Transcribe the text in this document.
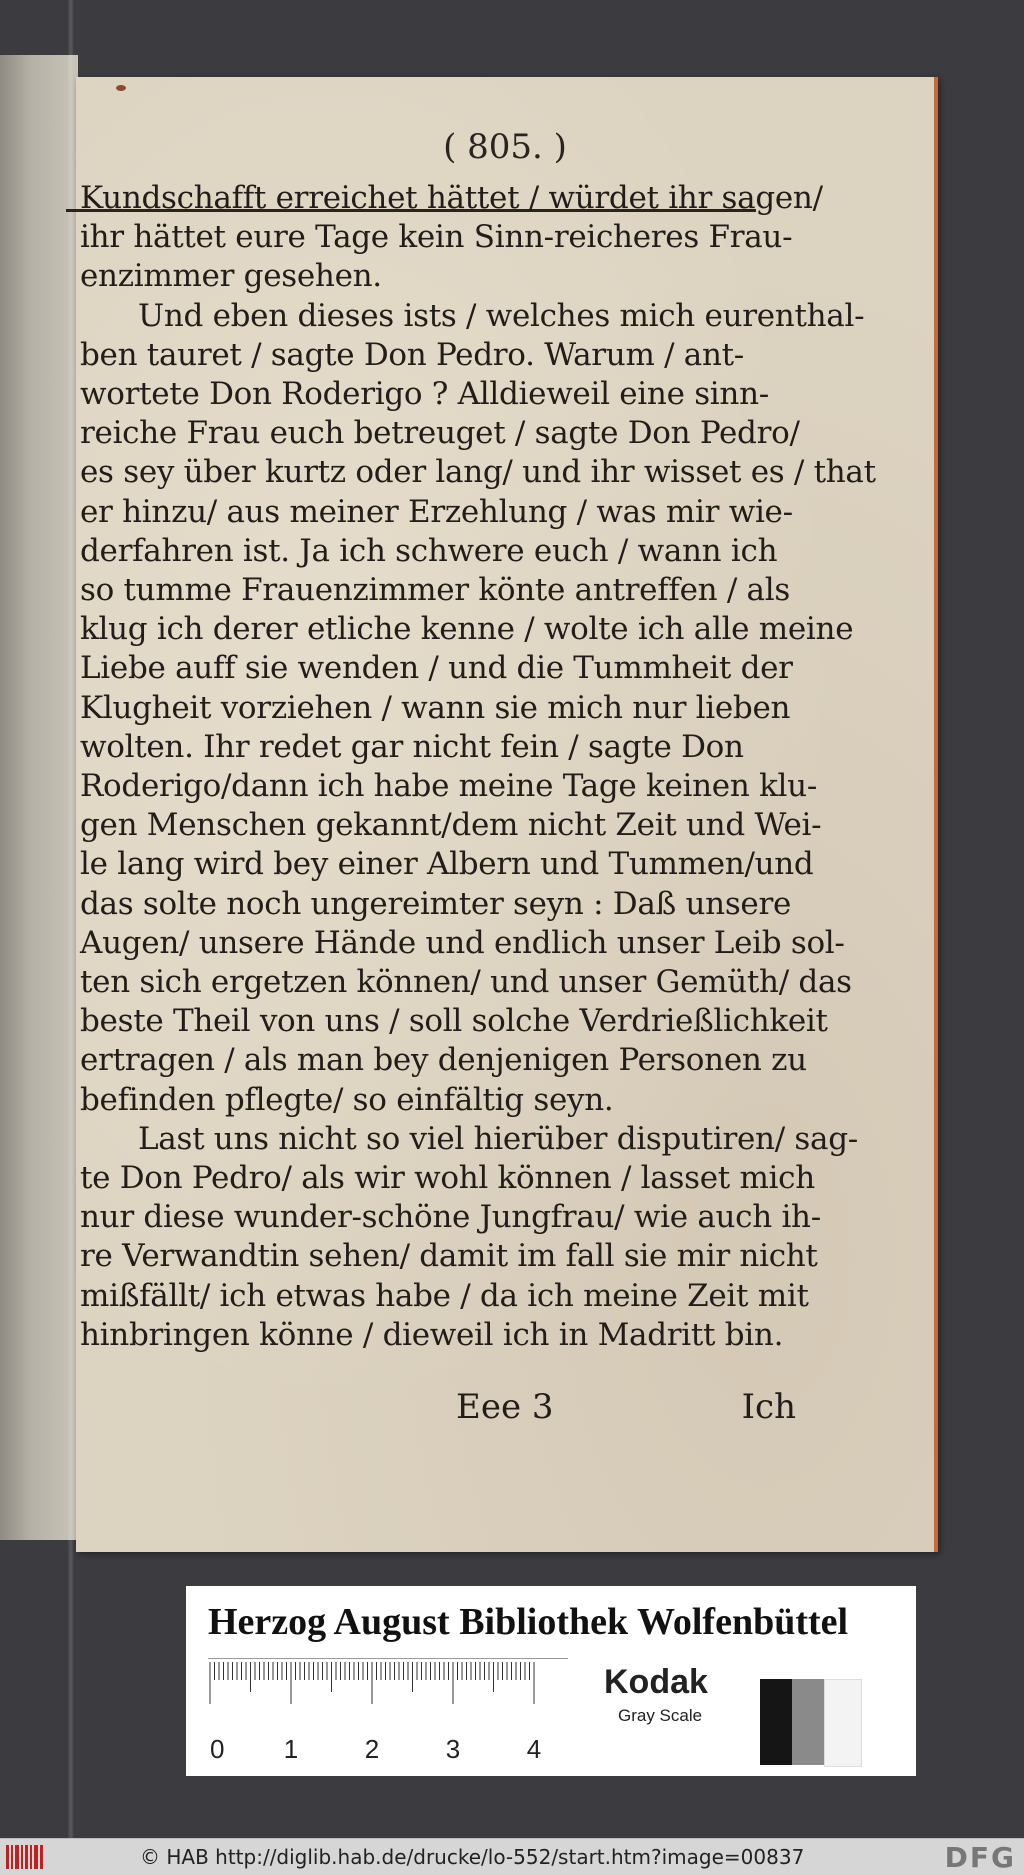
( 805. )
Kundschafft erreichet hättet / würdet ihr sagen/
ihr hättet eure Tage kein Sinn-reicheres Frau-
enzimmer gesehen.
Und eben dieses ists / welches mich eurenthal-
ben tauret / sagte Don Pedro. Warum / ant-
wortete Don Roderigo ? Alldieweil eine sinn-
reiche Frau euch betreuget / sagte Don Pedro/
es sey über kurtz oder lang/ und ihr wisset es / that
er hinzu/ aus meiner Erzehlung / was mir wie-
derfahren ist. Ja ich schwere euch / wann ich
so tumme Frauenzimmer könte antreffen / als
klug ich derer etliche kenne / wolte ich alle meine
Liebe auff sie wenden / und die Tummheit der
Klugheit vorziehen / wann sie mich nur lieben
wolten. Ihr redet gar nicht fein / sagte Don
Roderigo/dann ich habe meine Tage keinen klu-
gen Menschen gekannt/dem nicht Zeit und Wei-
le lang wird bey einer Albern und Tummen/und
das solte noch ungereimter seyn : Daß unsere
Augen/ unsere Hände und endlich unser Leib sol-
ten sich ergetzen können/ und unser Gemüth/ das
beste Theil von uns / soll solche Verdrießlichkeit
ertragen / als man bey denjenigen Personen zu
befinden pflegte/ so einfältig seyn.
Last uns nicht so viel hierüber disputiren/ sag-
te Don Pedro/ als wir wohl können / lasset mich
nur diese wunder-schöne Jungfrau/ wie auch ih-
re Verwandtin sehen/ damit im fall sie mir nicht
mißfällt/ ich etwas habe / da ich meine Zeit mit
hinbringen könne / dieweil ich in Madritt bin.
Eee 3	Ich
Herzog August Bibliothek Wolfenbüttel
0 1	2	3	4
Kodak
Gray Scale
© HAB http://diglib.hab.de/drucke/lo-552/start.htm?image=00837	DFG
